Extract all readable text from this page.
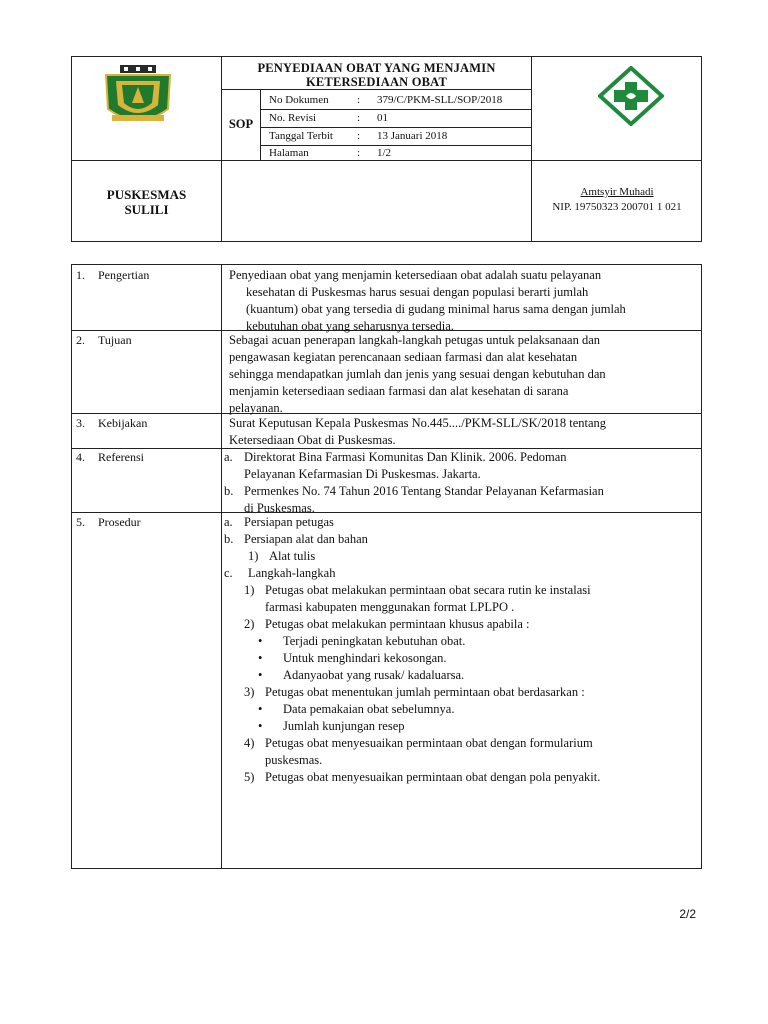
PENYEDIAAN OBAT YANG MENJAMIN
KETERSEDIAAN OBAT
SOP
No Dokumen	:	379/C/PKM-SLL/SOP/2018
No. Revisi	:	01
Tanggal Terbit	:	13 Januari 2018
Halaman	:	1/2
PUSKESMAS
SULILI
Amtsyir Muhadi
NIP. 19750323 200701 1 021
1. Pengertian	Penyediaan obat yang menjamin ketersediaan obat adalah suatu pelayanan
kesehatan di Puskesmas harus sesuai dengan populasi berarti jumlah
(kuantum) obat yang tersedia di gudang minimal harus sama dengan jumlah
kebutuhan obat yang seharusnya tersedia.
2. Tujuan	Sebagai acuan penerapan langkah-langkah petugas untuk pelaksanaan dan
pengawasan kegiatan perencanaan sediaan farmasi dan alat kesehatan
sehingga mendapatkan jumlah dan jenis yang sesuai dengan kebutuhan dan
menjamin ketersediaan sediaan farmasi dan alat kesehatan di sarana
pelayanan.
3. Kebijakan	Surat Keputusan Kepala Puskesmas No.445..../PKM-SLL/SK/2018 tentang
Ketersediaan Obat di Puskesmas.
4. Referensi	a. Direktorat Bina Farmasi Komunitas Dan Klinik. 2006. Pedoman
Pelayanan Kefarmasian Di Puskesmas. Jakarta.
b. Permenkes No. 74 Tahun 2016 Tentang Standar Pelayanan Kefarmasian
di Puskesmas.
5. Prosedur	a. Persiapan petugas
b. Persiapan alat dan bahan
1) Alat tulis
c. Langkah-langkah
1) Petugas obat melakukan permintaan obat secara rutin ke instalasi
farmasi kabupaten menggunakan format LPLPO .
2) Petugas obat melakukan permintaan khusus apabila :
• Terjadi peningkatan kebutuhan obat.
• Untuk menghindari kekosongan.
• Adanyaobat yang rusak/ kadaluarsa.
3) Petugas obat menentukan jumlah permintaan obat berdasarkan :
• Data pemakaian obat sebelumnya.
• Jumlah kunjungan resep
4) Petugas obat menyesuaikan permintaan obat dengan formularium
puskesmas.
5) Petugas obat menyesuaikan permintaan obat dengan pola penyakit.
2/2
